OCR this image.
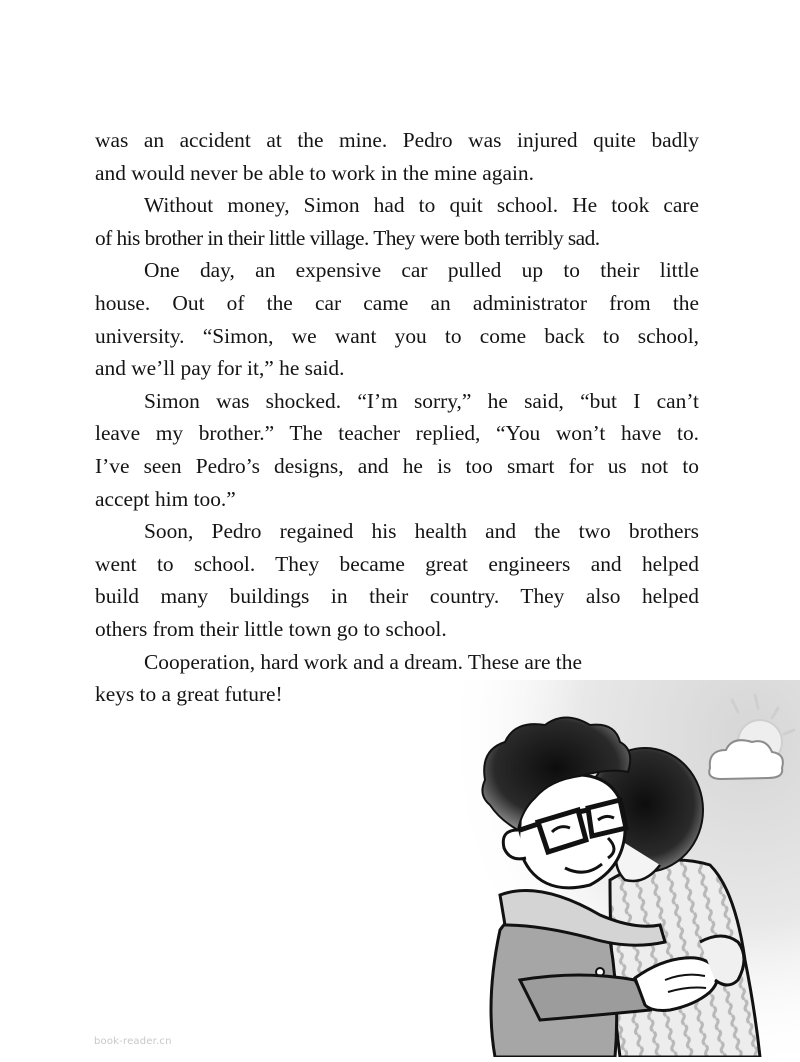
was an accident at the mine. Pedro was injured quite badly
and would never be able to work in the mine again.
Without money, Simon had to quit school. He took care
of his brother in their little village. They were both terribly sad.
One day, an expensive car pulled up to their little
house. Out of the car came an administrator from the
university. “Simon, we want you to come back to school,
and we’ll pay for it,” he said.
Simon was shocked. “I’m sorry,” he said, “but I can’t
leave my brother.” The teacher replied, “You won’t have to.
I’ve seen Pedro’s designs, and he is too smart for us not to
accept him too.”
Soon, Pedro regained his health and the two brothers
went to school. They became great engineers and helped
build many buildings in their country. They also helped
others from their little town go to school.
Cooperation, hard work and a dream. These are the
keys to a great future!
book-reader.cn
